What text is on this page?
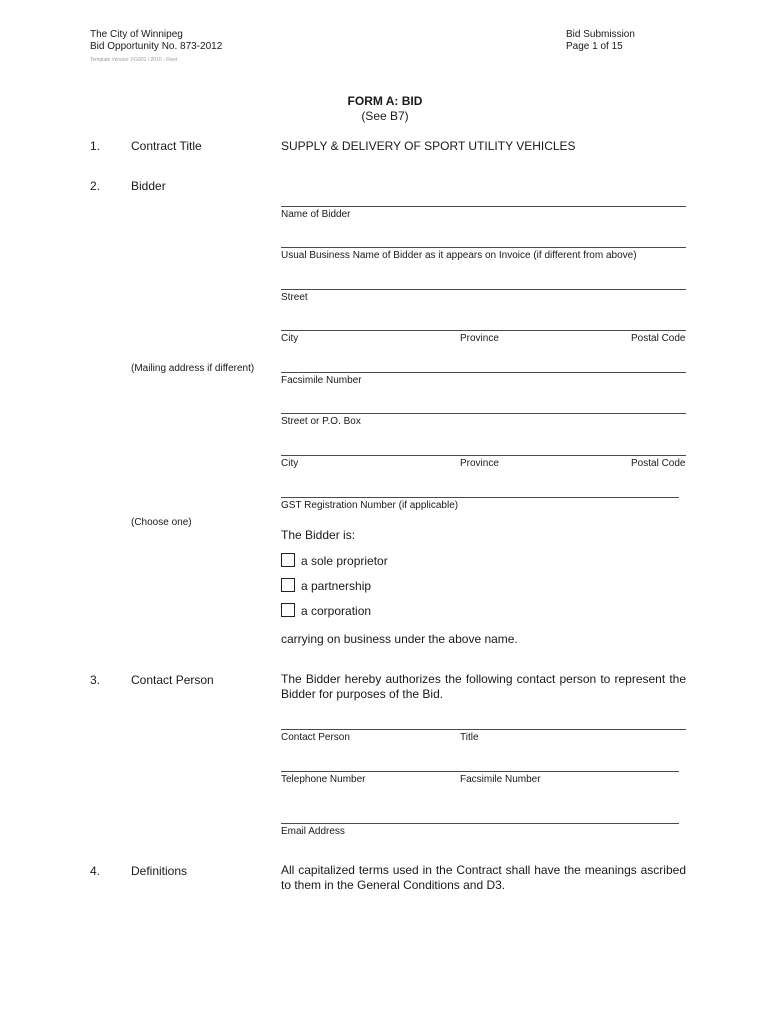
The City of Winnipeg
Bid Opportunity No. 873-2012
Template Version: FG001 / 2010 - Fleet
Bid Submission
Page 1 of 15
FORM A: BID
(See B7)
1.	Contract Title	SUPPLY & DELIVERY OF SPORT UTILITY VEHICLES
2.	Bidder
Name of Bidder
Usual Business Name of Bidder as it appears on Invoice (if different from above)
Street
City	Province	Postal Code
(Mailing address if different)
Facsimile Number
Street or P.O. Box
City	Province	Postal Code
GST Registration Number (if applicable)
(Choose one)
The Bidder is:
a sole proprietor
a partnership
a corporation
carrying on business under the above name.
3.	Contact Person	The Bidder hereby authorizes the following contact person to represent the Bidder for purposes of the Bid.
Contact Person	Title
Telephone Number	Facsimile Number
Email Address
4.	Definitions	All capitalized terms used in the Contract shall have the meanings ascribed to them in the General Conditions and D3.
